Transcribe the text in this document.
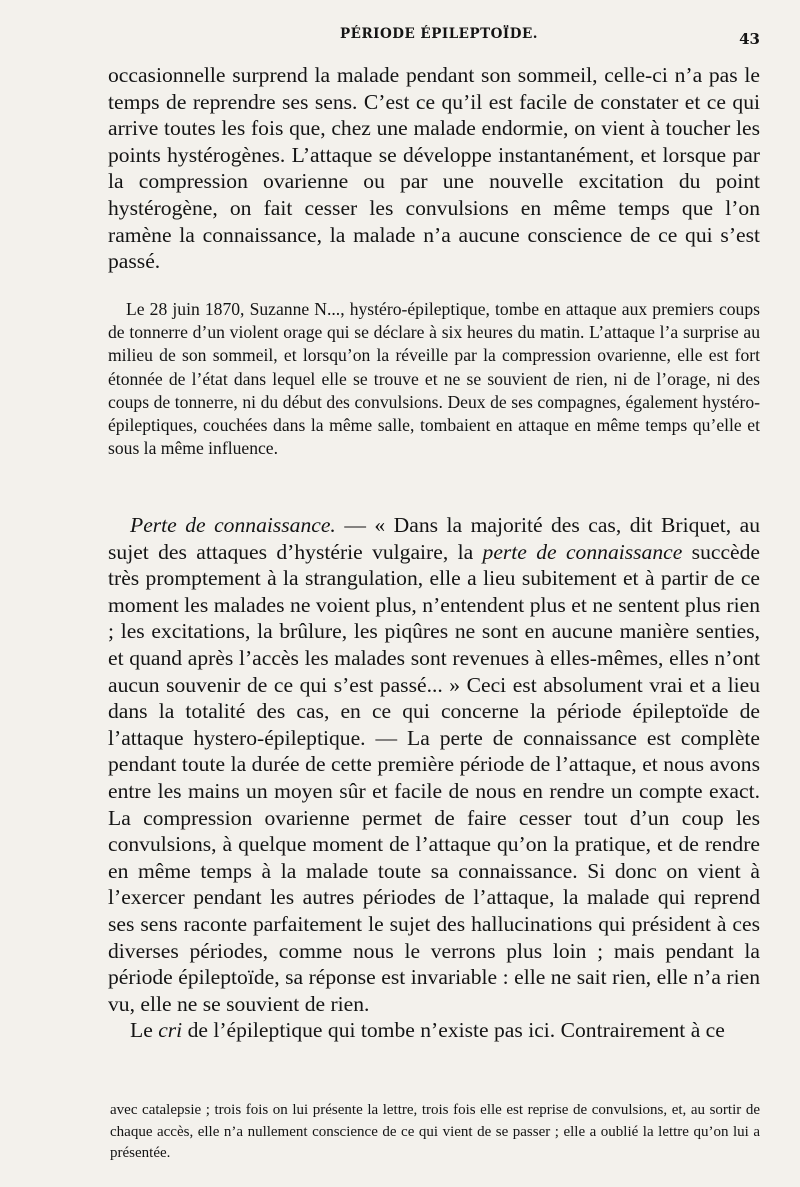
PÉRIODE ÉPILEPTOÏDE.	43

occasionnelle surprend la malade pendant son sommeil, celle-ci n’a pas le temps de reprendre ses sens. C’est ce qu’il est facile de constater et ce qui arrive toutes les fois que, chez une malade endormie, on vient à toucher les points hystérogènes. L’attaque se développe instantanément, et lorsque par la compression ovarienne ou par une nouvelle excitation du point hystérogène, on fait cesser les convulsions en même temps que l’on ramène la connaissance, la malade n’a aucune conscience de ce qui s’est passé.

Le 28 juin 1870, Suzanne N..., hystéro-épileptique, tombe en attaque aux premiers coups de tonnerre d’un violent orage qui se déclare à six heures du matin. L’attaque l’a surprise au milieu de son sommeil, et lorsqu’on la réveille par la compression ovarienne, elle est fort étonnée de l’état dans lequel elle se trouve et ne se souvient de rien, ni de l’orage, ni des coups de tonnerre, ni du début des convulsions. Deux de ses compagnes, également hystéro-épileptiques, couchées dans la même salle, tombaient en attaque en même temps qu’elle et sous la même influence.

Perte de connaissance. — « Dans la majorité des cas, dit Briquet, au sujet des attaques d’hystérie vulgaire, la perte de connaissance succède très promptement à la strangulation, elle a lieu subitement et à partir de ce moment les malades ne voient plus, n’entendent plus et ne sentent plus rien ; les excitations, la brûlure, les piqûres ne sont en aucune manière senties, et quand après l’accès les malades sont revenues à elles-mêmes, elles n’ont aucun souvenir de ce qui s’est passé... » Ceci est absolument vrai et a lieu dans la totalité des cas, en ce qui concerne la période épileptoïde de l’attaque hystero-épileptique. — La perte de connaissance est complète pendant toute la durée de cette première période de l’attaque, et nous avons entre les mains un moyen sûr et facile de nous en rendre un compte exact. La compression ovarienne permet de faire cesser tout d’un coup les convulsions, à quelque moment de l’attaque qu’on la pratique, et de rendre en même temps à la malade toute sa connaissance. Si donc on vient à l’exercer pendant les autres périodes de l’attaque, la malade qui reprend ses sens raconte parfaitement le sujet des hallucinations qui président à ces diverses périodes, comme nous le verrons plus loin ; mais pendant la période épileptoïde, sa réponse est invariable : elle ne sait rien, elle n’a rien vu, elle ne se souvient de rien.

Le cri de l’épileptique qui tombe n’existe pas ici. Contrairement à ce

avec catalepsie ; trois fois on lui présente la lettre, trois fois elle est reprise de convulsions, et, au sortir de chaque accès, elle n’a nullement conscience de ce qui vient de se passer ; elle a oublié la lettre qu’on lui a présentée.
